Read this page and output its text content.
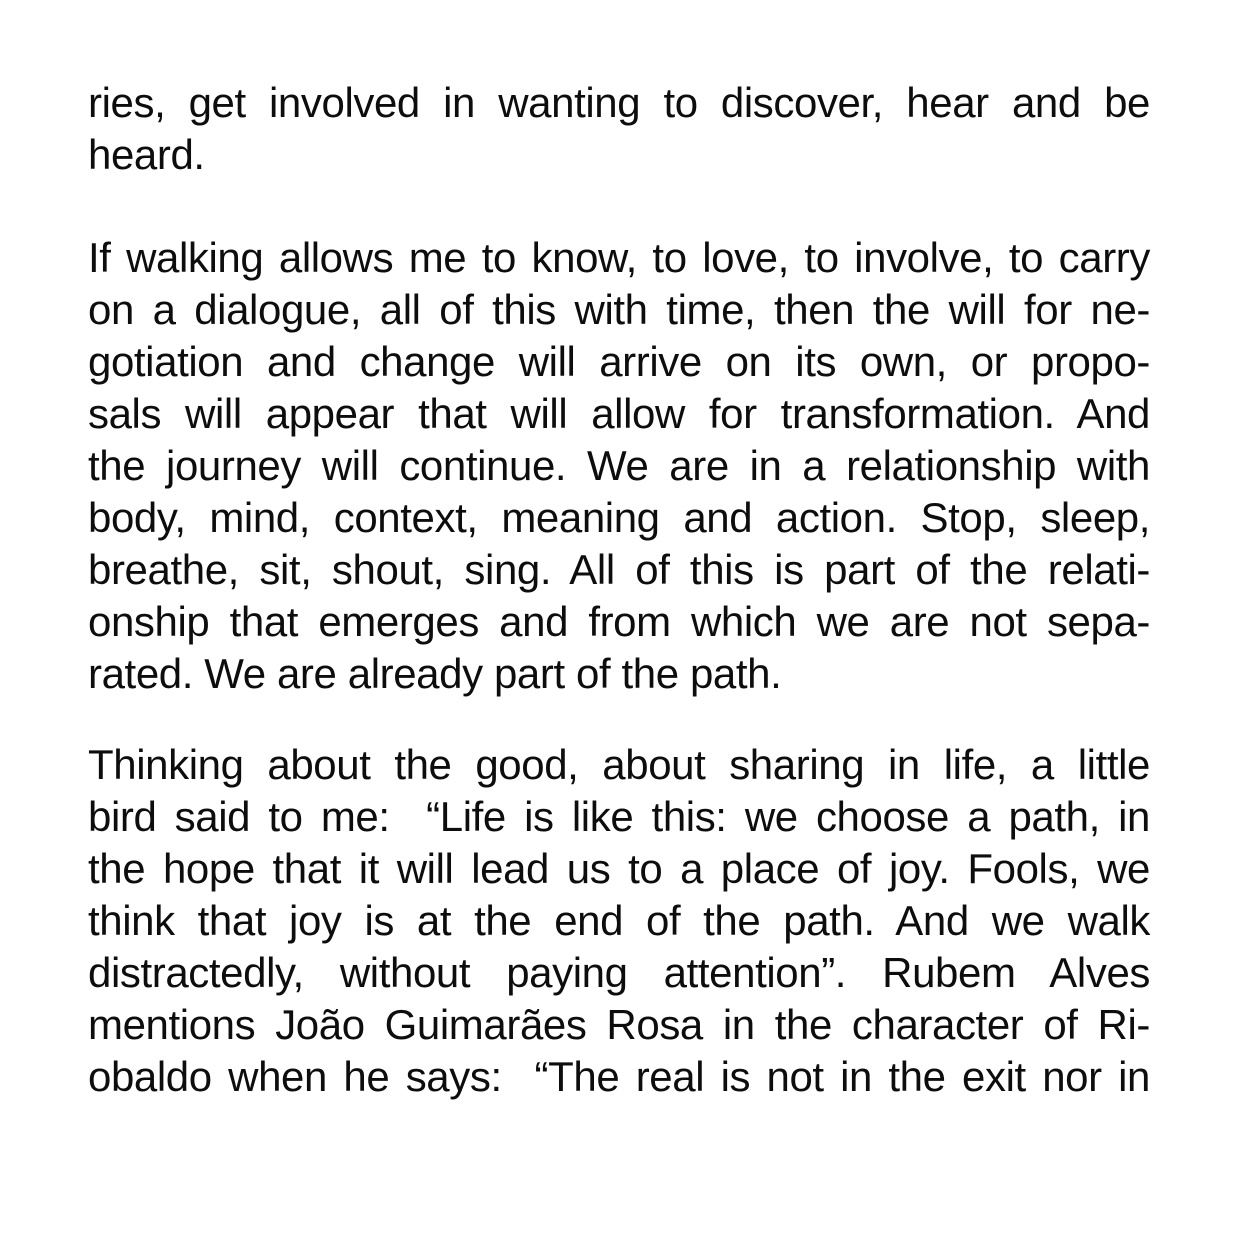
ries, get involved in wanting to discover, hear and be
heard.
If walking allows me to know, to love, to involve, to carry
on a dialogue, all of this with time, then the will for ne-
gotiation and change will arrive on its own, or propo-
sals will appear that will allow for transformation. And
the journey will continue. We are in a relationship with
body, mind, context, meaning and action. Stop, sleep,
breathe, sit, shout, sing. All of this is part of the relati-
onship that emerges and from which we are not sepa-
rated. We are already part of the path.
Thinking about the good, about sharing in life, a little
bird said to me:  “Life is like this: we choose a path, in
the hope that it will lead us to a place of joy. Fools, we
think that joy is at the end of the path. And we walk
distractedly, without paying attention”. Rubem Alves
mentions João Guimarães Rosa in the character of Ri-
obaldo when he says:  “The real is not in the exit nor in
